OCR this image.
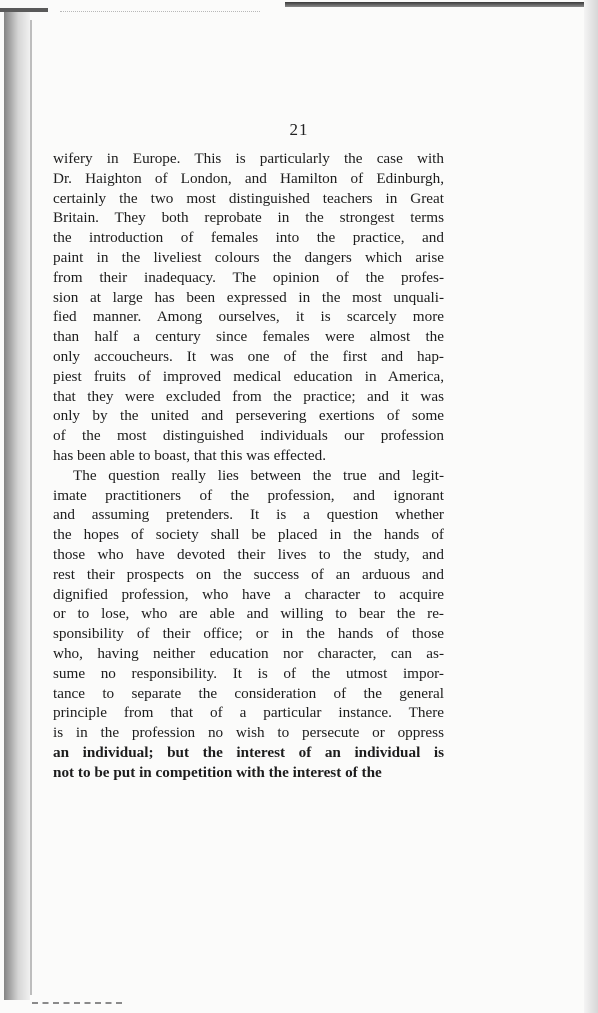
21
wifery in Europe. This is particularly the case with
Dr. Haighton of London, and Hamilton of Edinburgh,
certainly the two most distinguished teachers in Great
Britain. They both reprobate in the strongest terms
the introduction of females into the practice, and
paint in the liveliest colours the dangers which arise
from their inadequacy. The opinion of the profes-
sion at large has been expressed in the most unquali-
fied manner. Among ourselves, it is scarcely more
than half a century since females were almost the
only accoucheurs. It was one of the first and hap-
piest fruits of improved medical education in America,
that they were excluded from the practice; and it was
only by the united and persevering exertions of some
of the most distinguished individuals our profession
has been able to boast, that this was effected.
The question really lies between the true and legit-
imate practitioners of the profession, and ignorant
and assuming pretenders. It is a question whether
the hopes of society shall be placed in the hands of
those who have devoted their lives to the study, and
rest their prospects on the success of an arduous and
dignified profession, who have a character to acquire
or to lose, who are able and willing to bear the re-
sponsibility of their office; or in the hands of those
who, having neither education nor character, can as-
sume no responsibility. It is of the utmost impor-
tance to separate the consideration of the general
principle from that of a particular instance. There
is in the profession no wish to persecute or oppress
an individual; but the interest of an individual is
not to be put in competition with the interest of the
